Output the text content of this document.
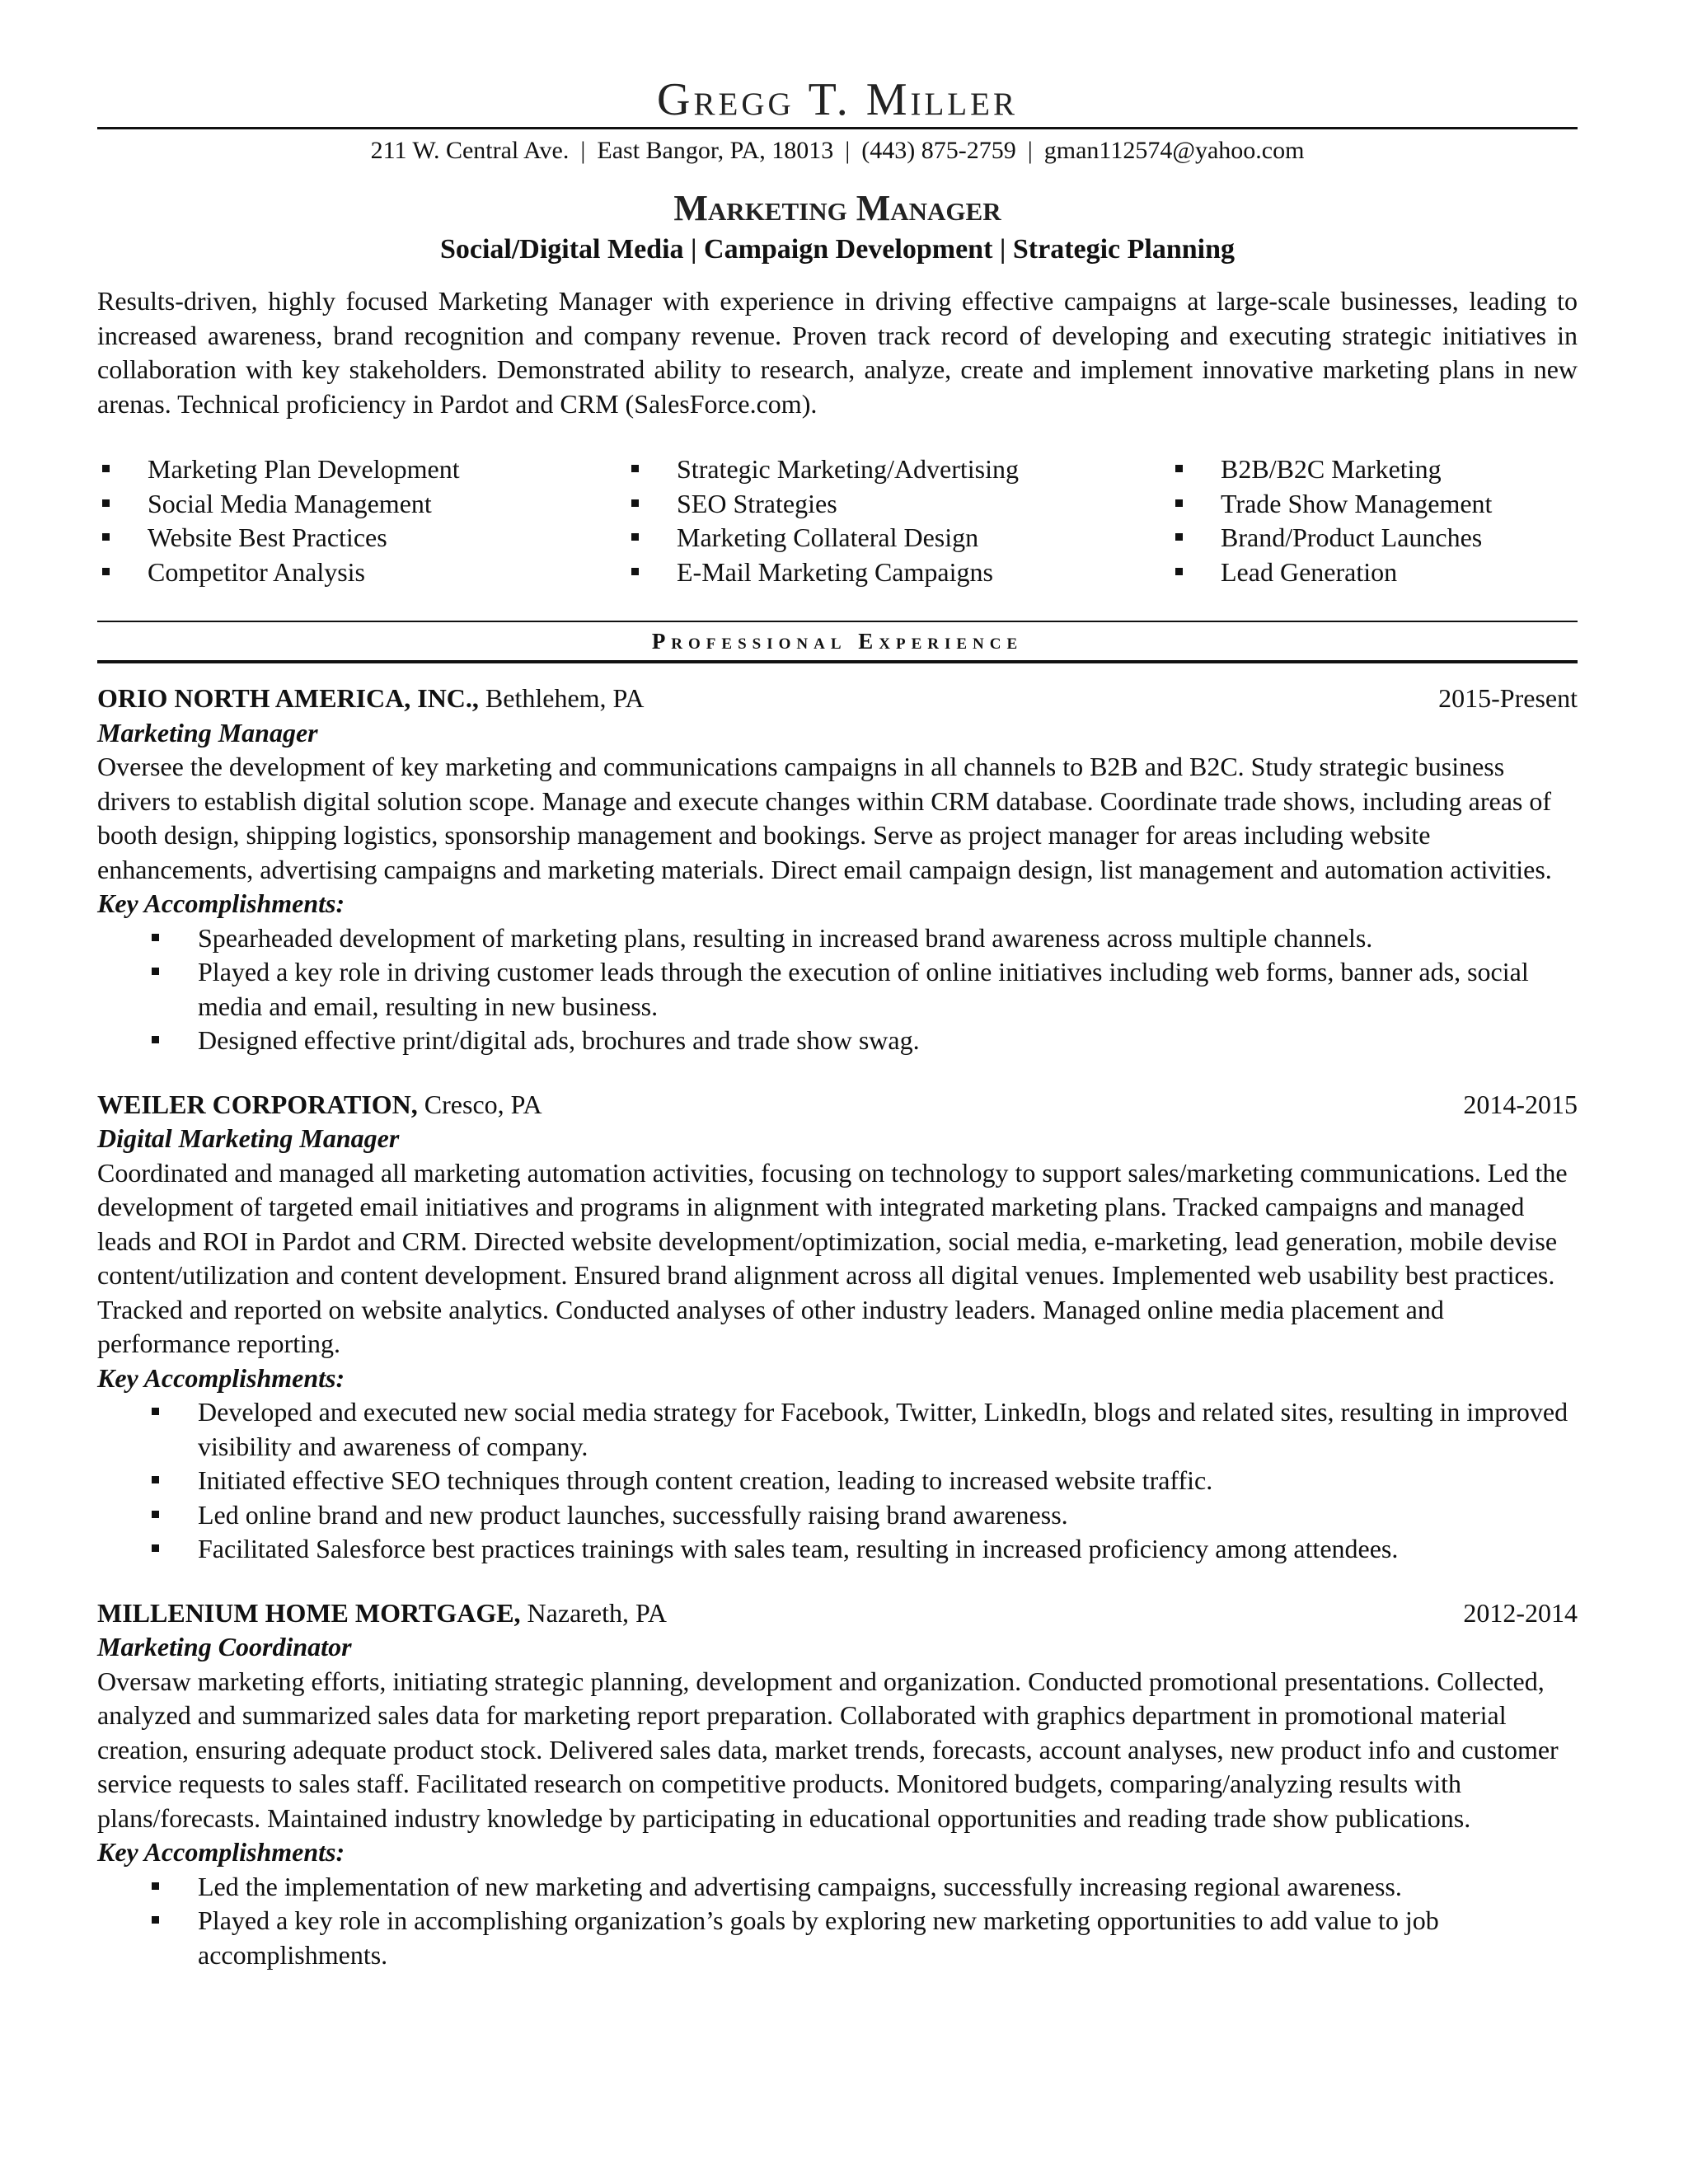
Gregg T. Miller
211 W. Central Ave. | East Bangor, PA, 18013 | (443) 875-2759 | gman112574@yahoo.com
Marketing Manager
Social/Digital Media | Campaign Development | Strategic Planning
Results-driven, highly focused Marketing Manager with experience in driving effective campaigns at large-scale businesses, leading to increased awareness, brand recognition and company revenue. Proven track record of developing and executing strategic initiatives in collaboration with key stakeholders. Demonstrated ability to research, analyze, create and implement innovative marketing plans in new arenas. Technical proficiency in Pardot and CRM (SalesForce.com).
Marketing Plan Development
Social Media Management
Website Best Practices
Competitor Analysis
Strategic Marketing/Advertising
SEO Strategies
Marketing Collateral Design
E-Mail Marketing Campaigns
B2B/B2C Marketing
Trade Show Management
Brand/Product Launches
Lead Generation
Professional Experience
ORIO NORTH AMERICA, INC., Bethlehem, PA	2015-Present
Marketing Manager
Oversee the development of key marketing and communications campaigns in all channels to B2B and B2C. Study strategic business drivers to establish digital solution scope. Manage and execute changes within CRM database. Coordinate trade shows, including areas of booth design, shipping logistics, sponsorship management and bookings. Serve as project manager for areas including website enhancements, advertising campaigns and marketing materials. Direct email campaign design, list management and automation activities.
Key Accomplishments:
Spearheaded development of marketing plans, resulting in increased brand awareness across multiple channels.
Played a key role in driving customer leads through the execution of online initiatives including web forms, banner ads, social media and email, resulting in new business.
Designed effective print/digital ads, brochures and trade show swag.
WEILER CORPORATION, Cresco, PA	2014-2015
Digital Marketing Manager
Coordinated and managed all marketing automation activities, focusing on technology to support sales/marketing communications. Led the development of targeted email initiatives and programs in alignment with integrated marketing plans. Tracked campaigns and managed leads and ROI in Pardot and CRM. Directed website development/optimization, social media, e-marketing, lead generation, mobile devise content/utilization and content development. Ensured brand alignment across all digital venues. Implemented web usability best practices. Tracked and reported on website analytics. Conducted analyses of other industry leaders. Managed online media placement and performance reporting.
Key Accomplishments:
Developed and executed new social media strategy for Facebook, Twitter, LinkedIn, blogs and related sites, resulting in improved visibility and awareness of company.
Initiated effective SEO techniques through content creation, leading to increased website traffic.
Led online brand and new product launches, successfully raising brand awareness.
Facilitated Salesforce best practices trainings with sales team, resulting in increased proficiency among attendees.
MILLENIUM HOME MORTGAGE, Nazareth, PA	2012-2014
Marketing Coordinator
Oversaw marketing efforts, initiating strategic planning, development and organization. Conducted promotional presentations. Collected, analyzed and summarized sales data for marketing report preparation. Collaborated with graphics department in promotional material creation, ensuring adequate product stock. Delivered sales data, market trends, forecasts, account analyses, new product info and customer service requests to sales staff. Facilitated research on competitive products. Monitored budgets, comparing/analyzing results with plans/forecasts. Maintained industry knowledge by participating in educational opportunities and reading trade show publications.
Key Accomplishments:
Led the implementation of new marketing and advertising campaigns, successfully increasing regional awareness.
Played a key role in accomplishing organization’s goals by exploring new marketing opportunities to add value to job accomplishments.
